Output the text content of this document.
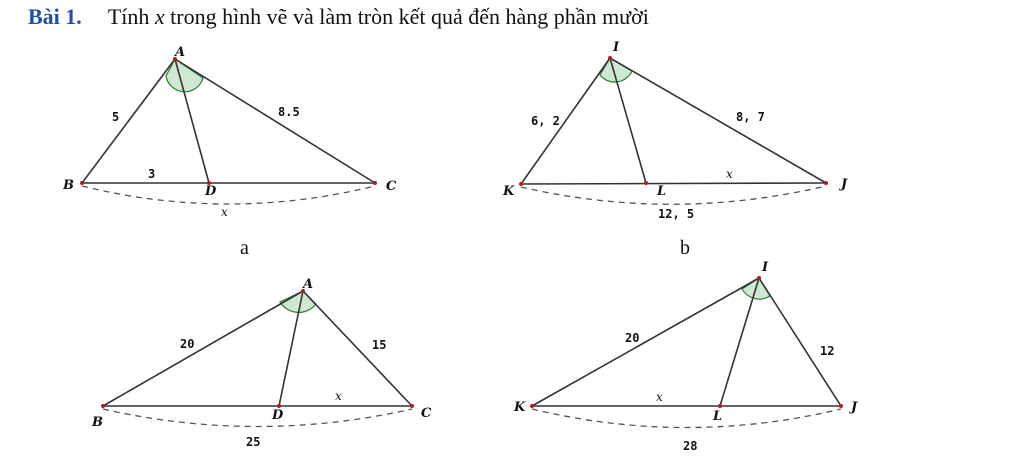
Bài 1. Tính x trong hình vẽ và làm tròn kết quả đến hàng phần mười
A
B	D	C
5	8.5
3
x
a
I
K	L	J
6, 2	8, 7
x
12, 5
b
A
B	D	C
20	15
x
25
I
K
L
J
20
12
x
28
